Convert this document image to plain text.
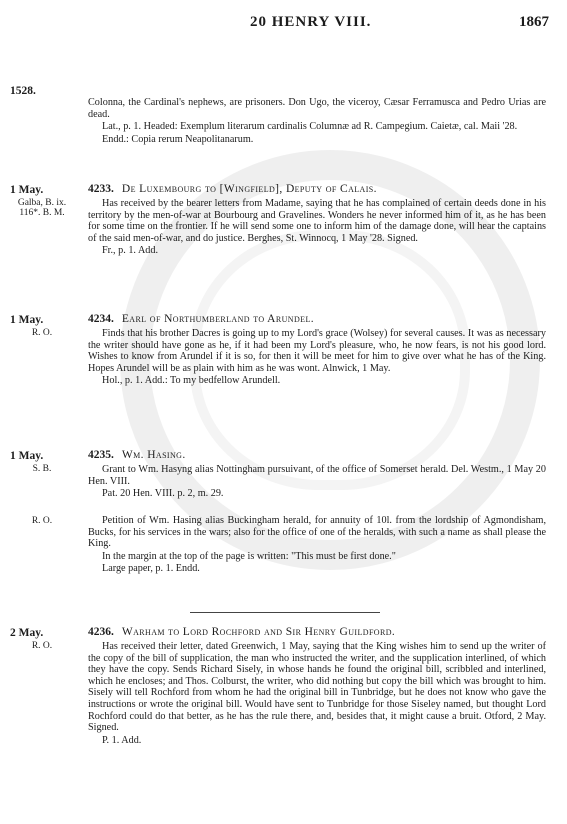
20 HENRY VIII.	1867
1528.

Colonna, the Cardinal's nephews, are prisoners. Don Ugo, the viceroy, Cæsar Ferramusca and Pedro Urias are dead.

Lat., p. 1. Headed: Exemplum literarum cardinalis Columnæ ad R. Campegium. Caietæ, cal. Maii '28.

Endd.: Copia rerum Neapolitanarum.

1 May.
Galba, B. ix. 116*. B. M.
4233. De Luxembourg to [Wingfield], Deputy of Calais.

Has received by the bearer letters from Madame, saying that he has complained of certain deeds done in his territory by the men-of-war at Bourbourg and Gravelines. Wonders he never informed him of it, as he has been for some time on the frontier. If he will send some one to inform him of the damage done, will hear the captains of the said men-of-war, and do justice. Berghes, St. Winnocq, 1 May '28. Signed.

Fr., p. 1. Add.

1 May.
R. O.
4234. Earl of Northumberland to Arundel.

Finds that his brother Dacres is going up to my Lord's grace (Wolsey) for several causes. It was as necessary the writer should have gone as he, if it had been my Lord's pleasure, who, he now fears, is not his good lord. Wishes to know from Arundel if it is so, for then it will be meet for him to give over what he has of the King. Hopes Arundel will be as plain with him as he was wont. Alnwick, 1 May.

Hol., p. 1. Add.: To my bedfellow Arundell.

1 May.
S. B.
4235. Wm. Hasing.

Grant to Wm. Hasyng alias Nottingham pursuivant, of the office of Somerset herald. Del. Westm., 1 May 20 Hen. VIII.

Pat. 20 Hen. VIII. p. 2, m. 29.

R. O.	Petition of Wm. Hasing alias Buckingham herald, for annuity of 10l. from the lordship of Agmondisham, Bucks, for his services in the wars; also for the office of one of the heralds, with such a name as shall please the King.

In the margin at the top of the page is written: "This must be first done."

Large paper, p. 1. Endd.

2 May.
R. O.
4236. Warham to Lord Rochford and Sir Henry Guildford.

Has received their letter, dated Greenwich, 1 May, saying that the King wishes him to send up the writer of the copy of the bill of supplication, the man who instructed the writer, and the supplication interlined, of which they have the copy. Sends Richard Sisely, in whose hands he found the original bill, scribbled and interlined, which he encloses; and Thos. Colburst, the writer, who did nothing but copy the bill which was brought to him. Sisely will tell Rochford from whom he had the original bill in Tunbridge, but he does not know who gave the instructions or wrote the original bill. Would have sent to Tunbridge for those Siseley named, but thought Lord Rochford could do that better, as he has the rule there, and, besides that, it might cause a bruit. Otford, 2 May. Signed.

P. 1. Add.
